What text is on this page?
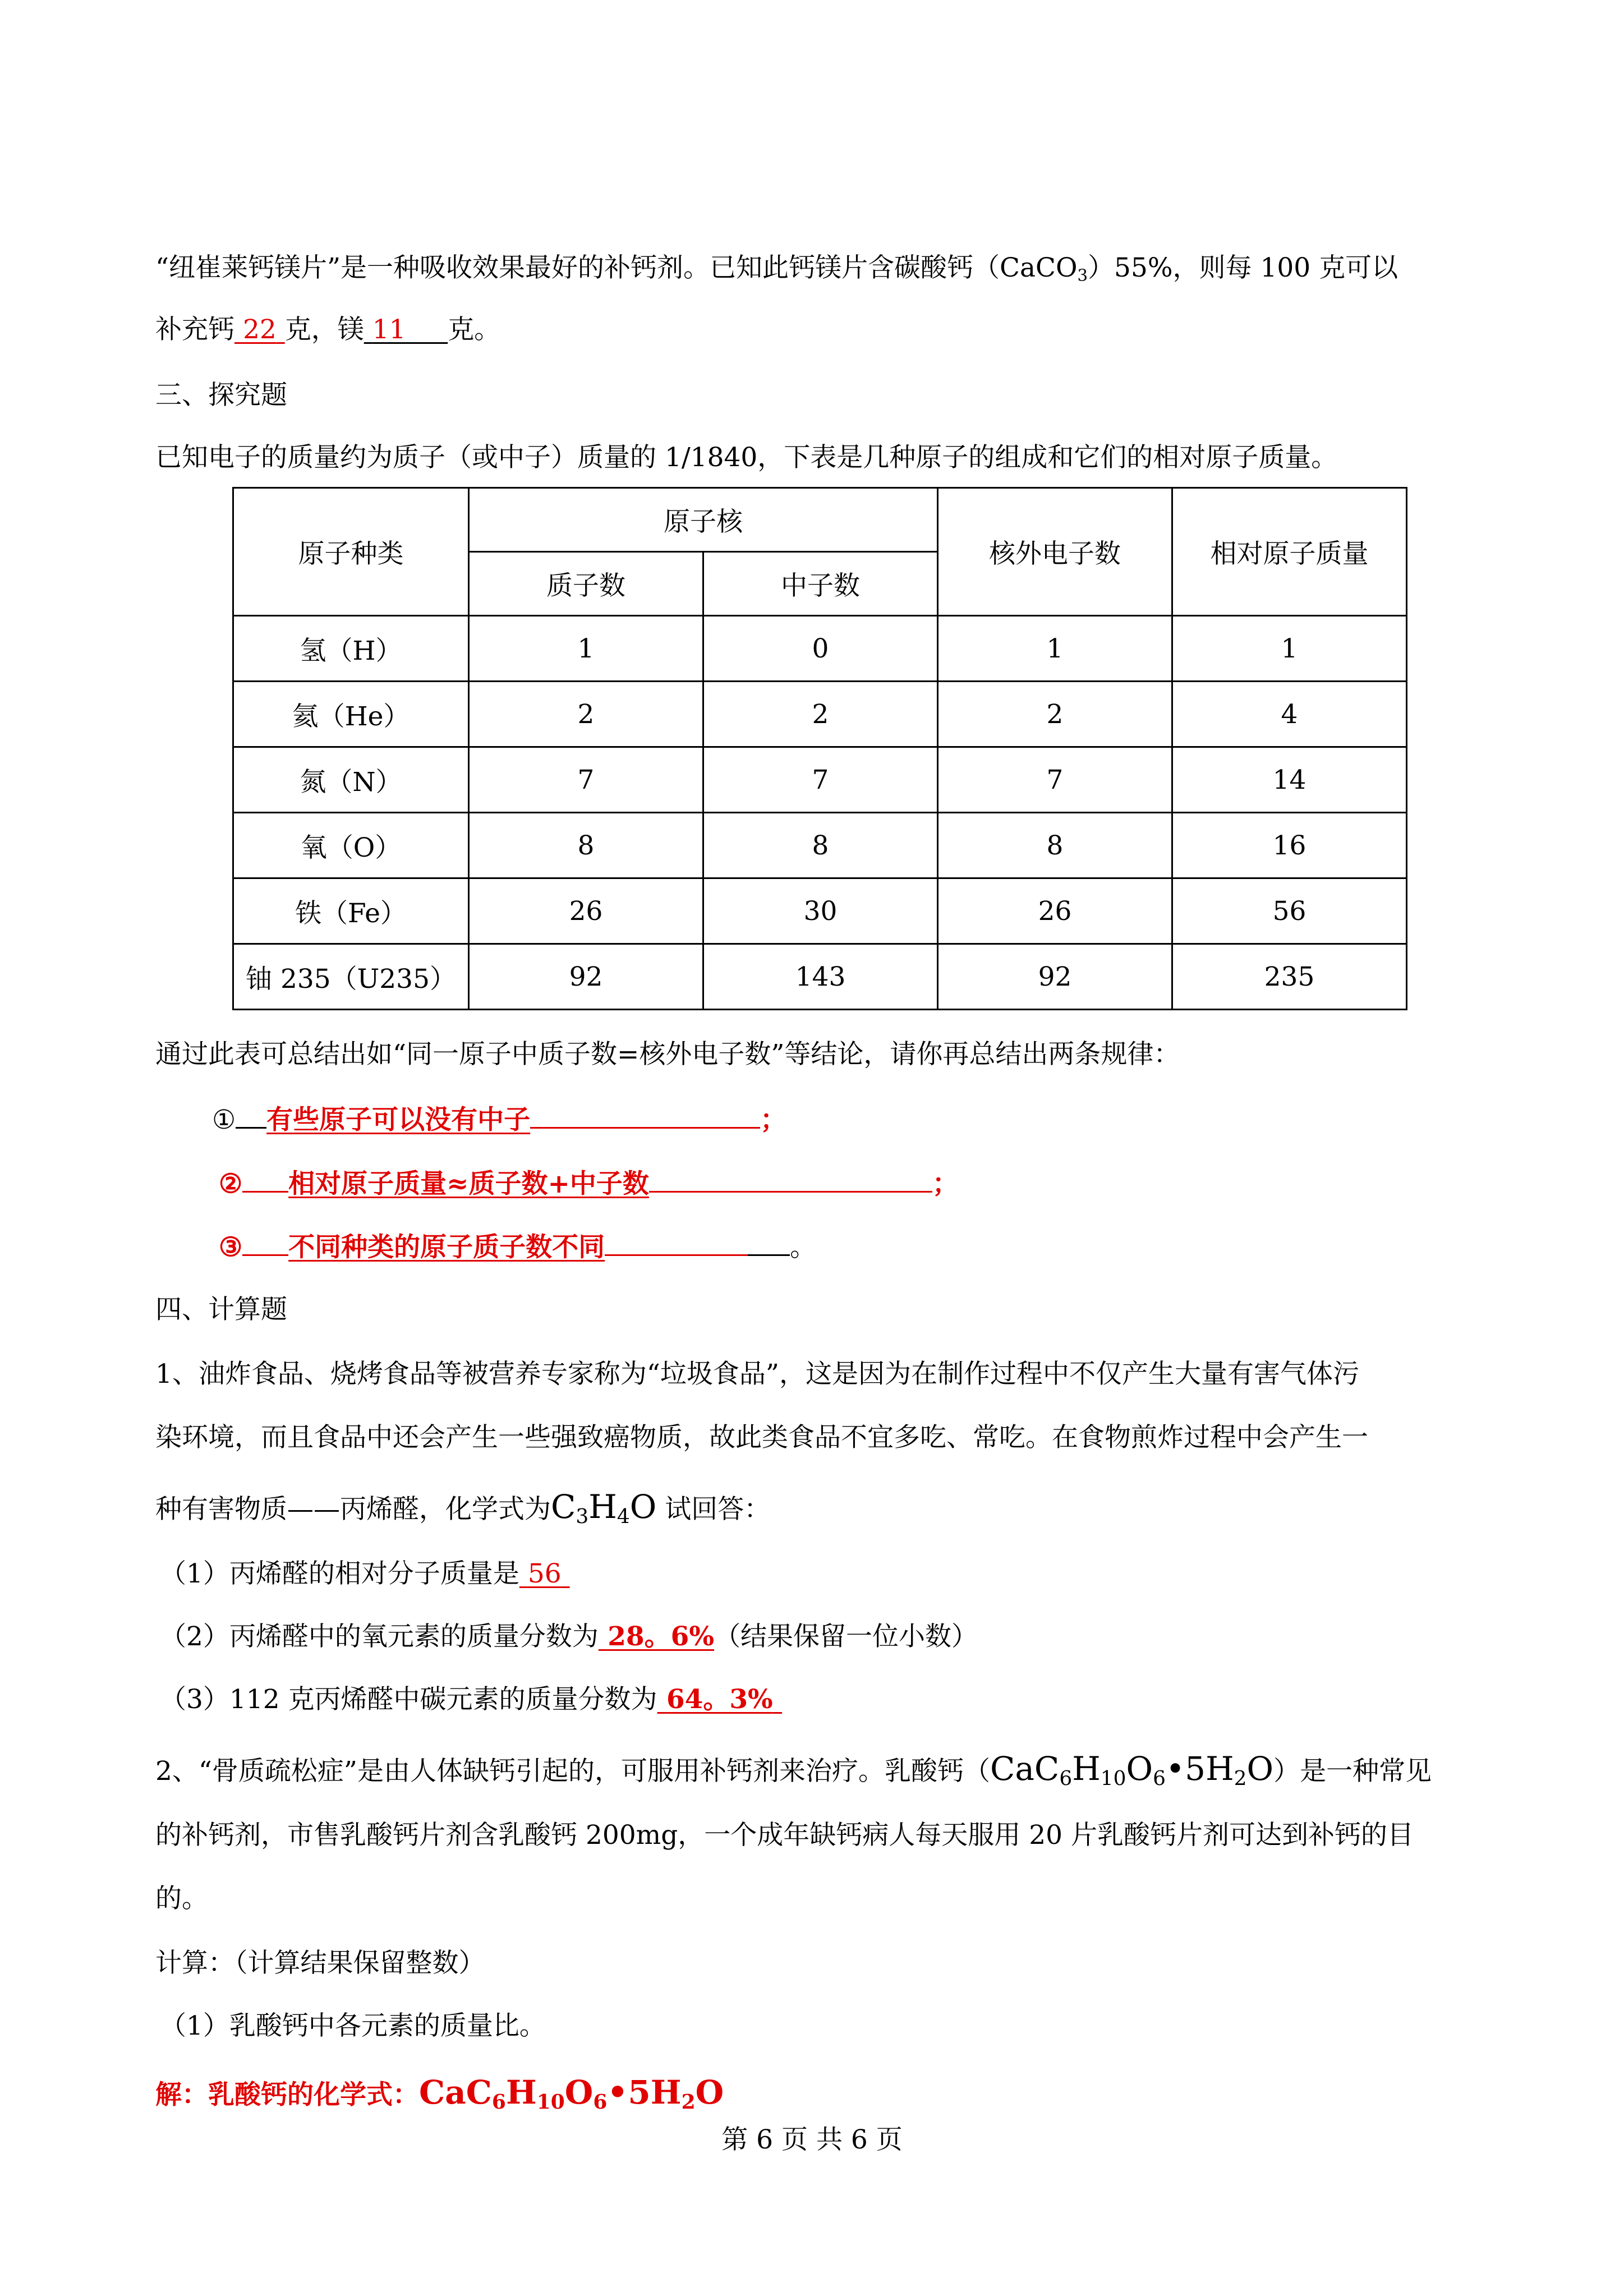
“纽崔莱钙镁片”是一种吸收效果最好的补钙剂。已知此钙镁片含碳酸钙（CaCO$_3$）55%，则每 100 克可以
补充钙 22 克，镁 11 克。
三、探究题
已知电子的质量约为质子（或中子）质量的 1/1840，下表是几种原子的组成和它们的相对原子质量。
原子种类	原子核		核外电子数	相对原子质量
	质子数	中子数		
氢（H）	1	0	1	1
氦（He）	2	2	2	4
氮（N）	7	7	7	14
氧（O）	8	8	8	16
铁（Fe）	26	30	26	56
铀 235（U235）	92	143	92	235
通过此表可总结出如“同一原子中质子数=核外电子数”等结论，请你再总结出两条规律：
① 有些原子可以没有中子	；
② 相对原子质量≈质子数+中子数	；
③ 不同种类的原子质子数不同	。
四、计算题
1、油炸食品、烧烤食品等被营养专家称为“垃圾食品”，这是因为在制作过程中不仅产生大量有害气体污
染环境，而且食品中还会产生一些强致癌物质，故此类食品不宜多吃、常吃。在食物煎炸过程中会产生一
种有害物质——丙烯醛，化学式为$C_3H_4O$ 试回答：
（1）丙烯醛的相对分子质量是 56
（2）丙烯醛中的氧元素的质量分数为 28。6%（结果保留一位小数）
（3）112 克丙烯醛中碳元素的质量分数为 64。3%
2、“骨质疏松症”是由人体缺钙引起的，可服用补钙剂来治疗。乳酸钙$(CaC_6H_{10}O_6•5H_2O)$是一种常见
的补钙剂，市售乳酸钙片剂含乳酸钙 200mg，一个成年缺钙病人每天服用 20 片乳酸钙片剂可达到补钙的目
的。
计算：（计算结果保留整数）
（1）乳酸钙中各元素的质量比。
解：乳酸钙的化学式：$CaC_6H_{10}O_6•5H_2O$
第 6 页 共 6 页
